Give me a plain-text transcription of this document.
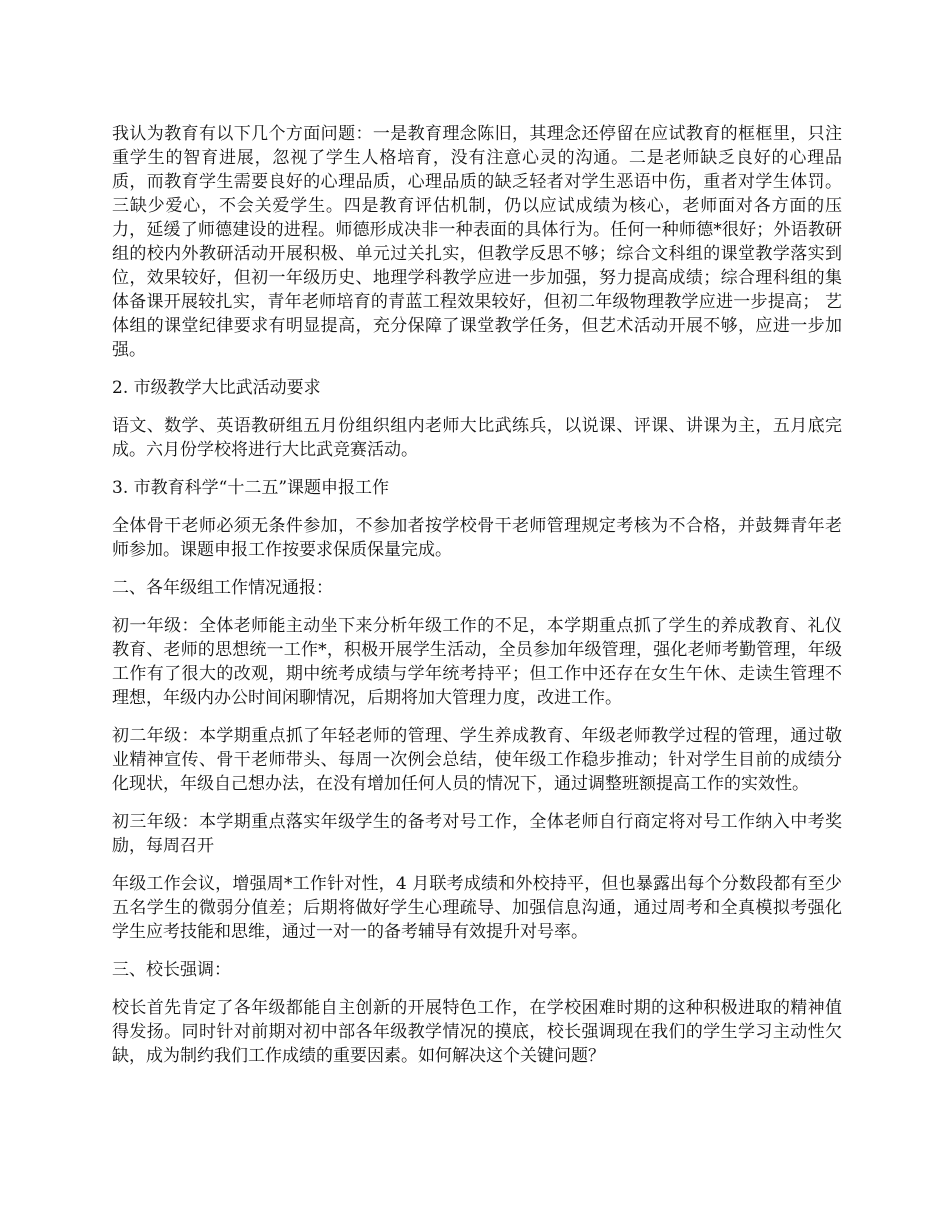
我认为教育有以下几个方面问题：一是教育理念陈旧，其理念还停留在应试教育的框框里，只注重学生的智育进展，忽视了学生人格培育，没有注意心灵的沟通。二是老师缺乏良好的心理品质，而教育学生需要良好的心理品质，心理品质的缺乏轻者对学生恶语中伤，重者对学生体罚。三缺少爱心，不会关爱学生。四是教育评估机制，仍以应试成绩为核心，老师面对各方面的压力，延缓了师德建设的进程。师德形成决非一种表面的具体行为。任何一种师德*很好；外语教研组的校内外教研活动开展积极、单元过关扎实，但教学反思不够；综合文科组的课堂教学落实到位，效果较好，但初一年级历史、地理学科教学应进一步加强，努力提高成绩；综合理科组的集体备课开展较扎实，青年老师培育的青蓝工程效果较好，但初二年级物理教学应进一步提高； 艺体组的课堂纪律要求有明显提高，充分保障了课堂教学任务，但艺术活动开展不够，应进一步加强。

2. 市级教学大比武活动要求

语文、数学、英语教研组五月份组织组内老师大比武练兵，以说课、评课、讲课为主，五月底完成。六月份学校将进行大比武竞赛活动。

3. 市教育科学“十二五”课题申报工作

全体骨干老师必须无条件参加，不参加者按学校骨干老师管理规定考核为不合格，并鼓舞青年老师参加。课题申报工作按要求保质保量完成。

二、各年级组工作情况通报：

初一年级：全体老师能主动坐下来分析年级工作的不足，本学期重点抓了学生的养成教育、礼仪教育、老师的思想统一工作*，积极开展学生活动，全员参加年级管理，强化老师考勤管理，年级工作有了很大的改观，期中统考成绩与学年统考持平；但工作中还存在女生午休、走读生管理不理想，年级内办公时间闲聊情况，后期将加大管理力度，改进工作。

初二年级：本学期重点抓了年轻老师的管理、学生养成教育、年级老师教学过程的管理，通过敬业精神宣传、骨干老师带头、每周一次例会总结，使年级工作稳步推动；针对学生目前的成绩分化现状，年级自己想办法，在没有增加任何人员的情况下，通过调整班额提高工作的实效性。

初三年级：本学期重点落实年级学生的备考对号工作，全体老师自行商定将对号工作纳入中考奖励，每周召开

年级工作会议，增强周*工作针对性，4 月联考成绩和外校持平，但也暴露出每个分数段都有至少五名学生的微弱分值差；后期将做好学生心理疏导、加强信息沟通，通过周考和全真模拟考强化学生应考技能和思维，通过一对一的备考辅导有效提升对号率。

三、校长强调：

校长首先肯定了各年级都能自主创新的开展特色工作，在学校困难时期的这种积极进取的精神值得发扬。同时针对前期对初中部各年级教学情况的摸底，校长强调现在我们的学生学习主动性欠缺，成为制约我们工作成绩的重要因素。如何解决这个关键问题？
